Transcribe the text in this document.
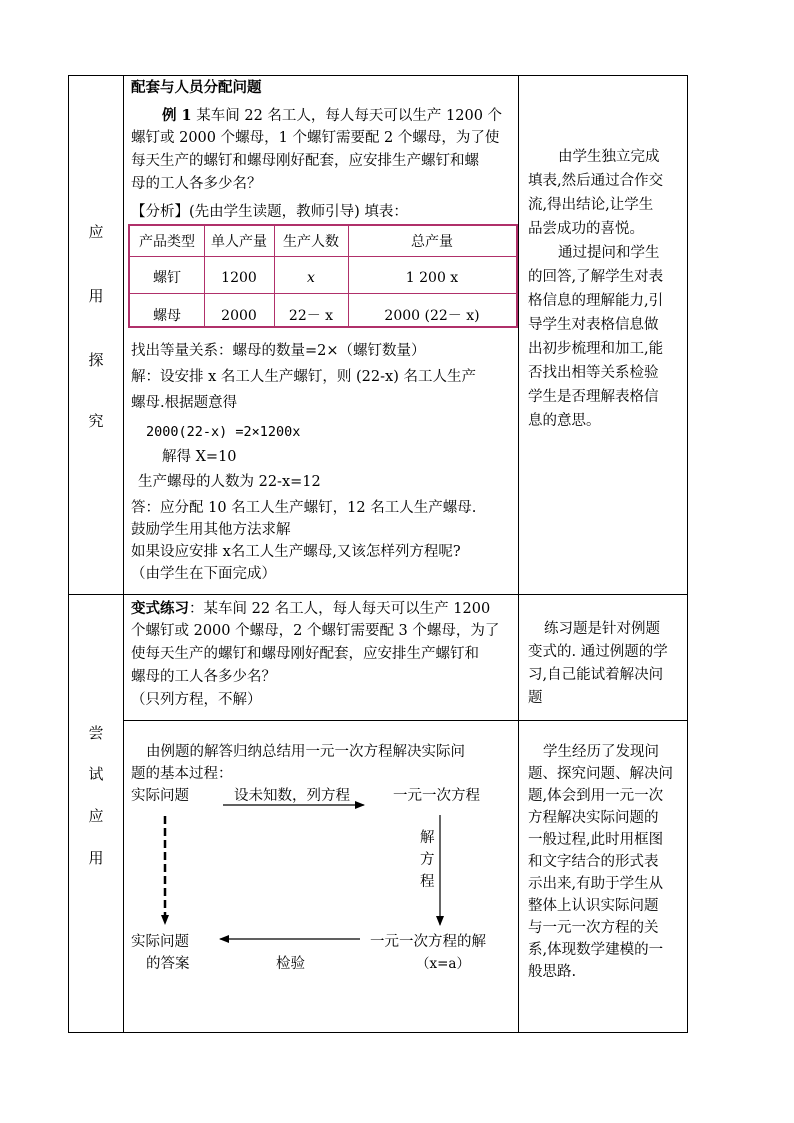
应
用
探
究
尝
试
应
用
配套与人员分配问题
例 1 某车间 22 名工人，每人每天可以生产 1200 个
螺钉或 2000 个螺母，1 个螺钉需要配 2 个螺母，为了使
每天生产的螺钉和螺母刚好配套，应安排生产螺钉和螺
母的工人各多少名？
【分析】(先由学生读题，教师引导) 填表：
产品类型	单人产量	生产人数	总产量
螺钉	1200	x	1 200 x
螺母	2000	22－ x	2000 (22－ x)
找出等量关系：螺母的数量=2×（螺钉数量）
解：设安排 x 名工人生产螺钉，则 (22-x) 名工人生产
螺母.根据题意得
2000(22-x) =2×1200x
解得 X=10
生产螺母的人数为 22-x=12
答：应分配 10 名工人生产螺钉，12 名工人生产螺母.
鼓励学生用其他方法求解
如果设应安排 x名工人生产螺母,又该怎样列方程呢?
（由学生在下面完成）
由学生独立完成
填表,然后通过合作交
流,得出结论,让学生
品尝成功的喜悦。
通过提问和学生
的回答,了解学生对表
格信息的理解能力,引
导学生对表格信息做
出初步梳理和加工,能
否找出相等关系检验
学生是否理解表格信
息的意思。
变式练习：某车间 22 名工人，每人每天可以生产 1200
个螺钉或 2000 个螺母，2 个螺钉需要配 3 个螺母，为了
使每天生产的螺钉和螺母刚好配套，应安排生产螺钉和
螺母的工人各多少名？
（只列方程，不解）
练习题是针对例题
变式的. 通过例题的学
习,自己能试着解决问
题
由例题的解答归纳总结用一元一次方程解决实际问
题的基本过程：
实际问题	设未知数，列方程	一元一次方程
解
方
程
实际问题
的答案	检验
一元一次方程的解
（x=a）
学生经历了发现问
题、探究问题、解决问
题,体会到用一元一次
方程解决实际问题的
一般过程,此时用框图
和文字结合的形式表
示出来,有助于学生从
整体上认识实际问题
与一元一次方程的关
系,体现数学建模的一
般思路.
